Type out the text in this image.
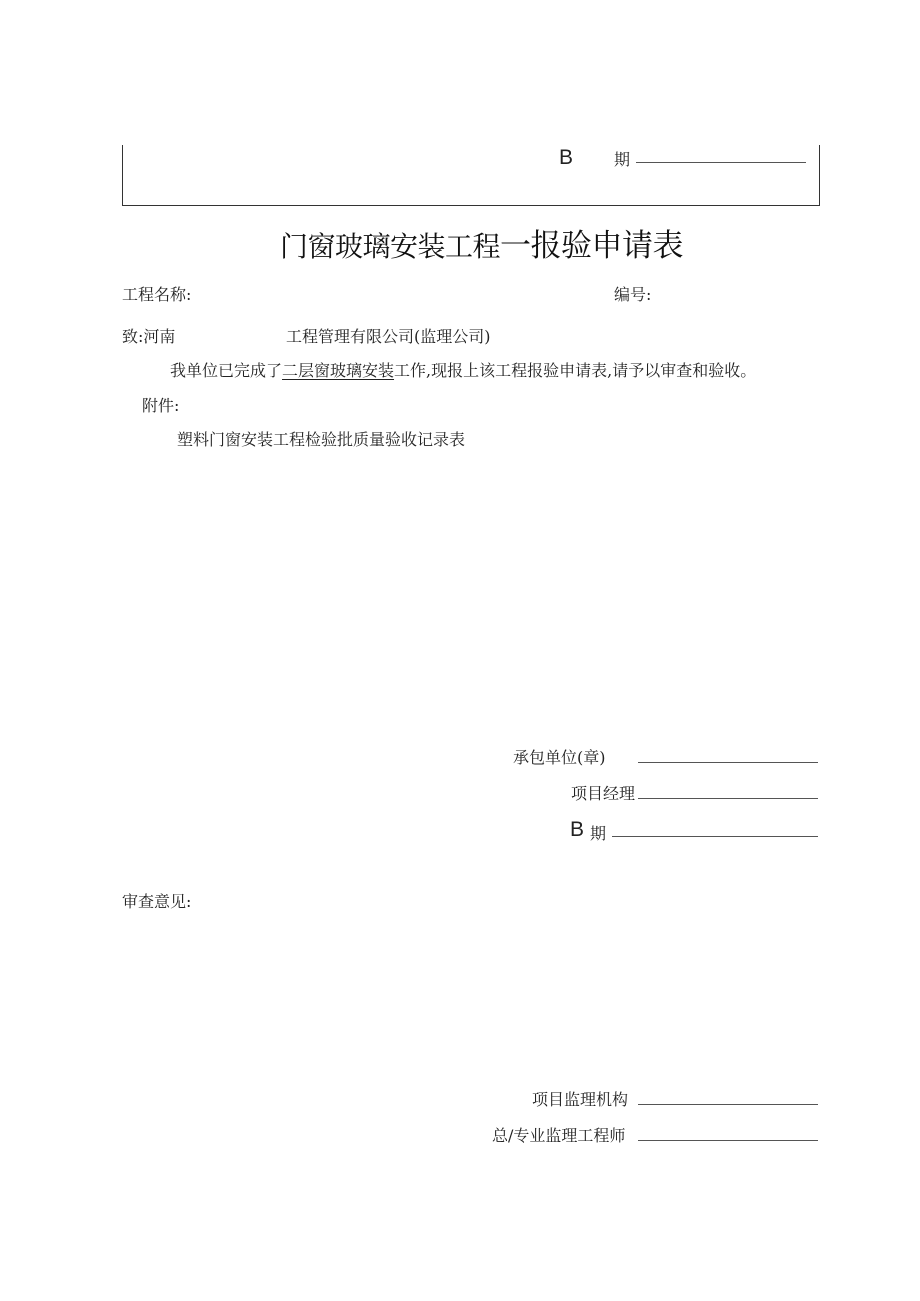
B	期
门窗玻璃安装工程一报验申请表
工程名称:	编号:
致:河南	工程管理有限公司(监理公司)
我单位已完成了二层窗玻璃安装工作,现报上该工程报验申请表,请予以审查和验收。
附件:
塑料门窗安装工程检验批质量验收记录表
承包单位(章)
项目经理
B 期
审查意见:
项目监理机构
总/专业监理工程师
